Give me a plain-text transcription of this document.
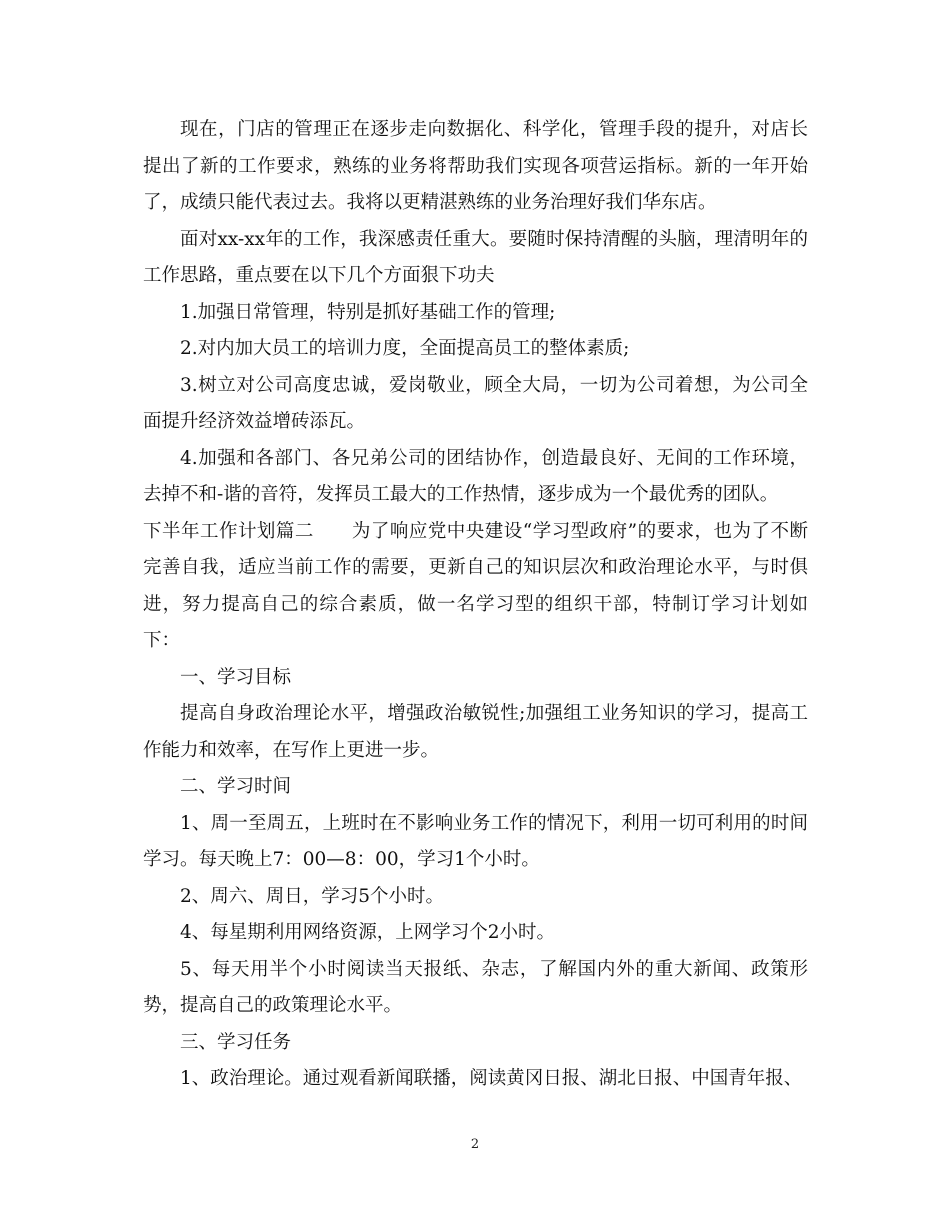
现在，门店的管理正在逐步走向数据化、科学化，管理手段的提升，对店长提出了新的工作要求，熟练的业务将帮助我们实现各项营运指标。新的一年开始了，成绩只能代表过去。我将以更精湛熟练的业务治理好我们华东店。

面对xx-xx年的工作，我深感责任重大。要随时保持清醒的头脑，理清明年的工作思路，重点要在以下几个方面狠下功夫

1.加强日常管理，特别是抓好基础工作的管理;

2.对内加大员工的培训力度，全面提高员工的整体素质;

3.树立对公司高度忠诚，爱岗敬业，顾全大局，一切为公司着想，为公司全面提升经济效益增砖添瓦。

4.加强和各部门、各兄弟公司的团结协作，创造最良好、无间的工作环境，去掉不和-谐的音符，发挥员工最大的工作热情，逐步成为一个最优秀的团队。

下半年工作计划篇二　　为了响应党中央建设“学习型政府”的要求，也为了不断完善自我，适应当前工作的需要，更新自己的知识层次和政治理论水平，与时俱进，努力提高自己的综合素质，做一名学习型的组织干部，特制订学习计划如下：

一、学习目标

提高自身政治理论水平，增强政治敏锐性;加强组工业务知识的学习，提高工作能力和效率，在写作上更进一步。

二、学习时间

1、周一至周五，上班时在不影响业务工作的情况下，利用一切可利用的时间学习。每天晚上7：00—8：00，学习1个小时。

2、周六、周日，学习5个小时。

4、每星期利用网络资源，上网学习个2小时。

5、每天用半个小时阅读当天报纸、杂志，了解国内外的重大新闻、政策形势，提高自己的政策理论水平。

三、学习任务

1、政治理论。通过观看新闻联播，阅读黄冈日报、湖北日报、中国青年报、

2
